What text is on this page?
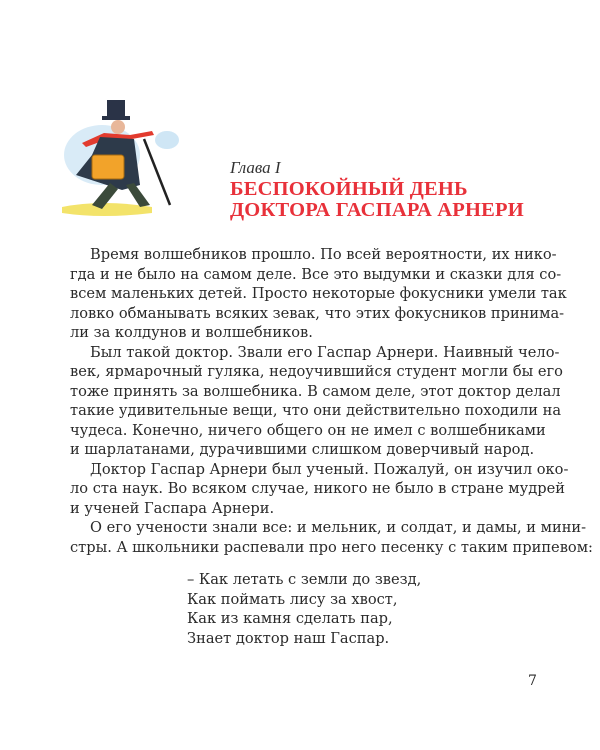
Глава I
БЕСПОКОЙНЫЙ ДЕНЬ
ДОКТОРА ГАСПАРА АРНЕРИ
Время волшебников прошло. По всей вероятности, их нико-
гда и не было на самом деле. Все это выдумки и сказки для со-
всем маленьких детей. Просто некоторые фокусники умели так
ловко обманывать всяких зевак, что этих фокусников принима-
ли за колдунов и волшебников.
Был такой доктор. Звали его Гаспар Арнери. Наивный чело-
век, ярмарочный гуляка, недоучившийся студент могли бы его
тоже принять за волшебника. В самом деле, этот доктор делал
такие удивительные вещи, что они действительно походили на
чудеса. Конечно, ничего общего он не имел с волшебниками
и шарлатанами, дурачившими слишком доверчивый народ.
Доктор Гаспар Арнери был ученый. Пожалуй, он изучил око-
ло ста наук. Во всяком случае, никого не было в стране мудрей
и ученей Гаспара Арнери.
О его учености знали все: и мельник, и солдат, и дамы, и мини-
стры. А школьники распевали про него песенку с таким припевом:
– Как летать с земли до звезд,
Как поймать лису за хвост,
Как из камня сделать пар,
Знает доктор наш Гаспар.
7
